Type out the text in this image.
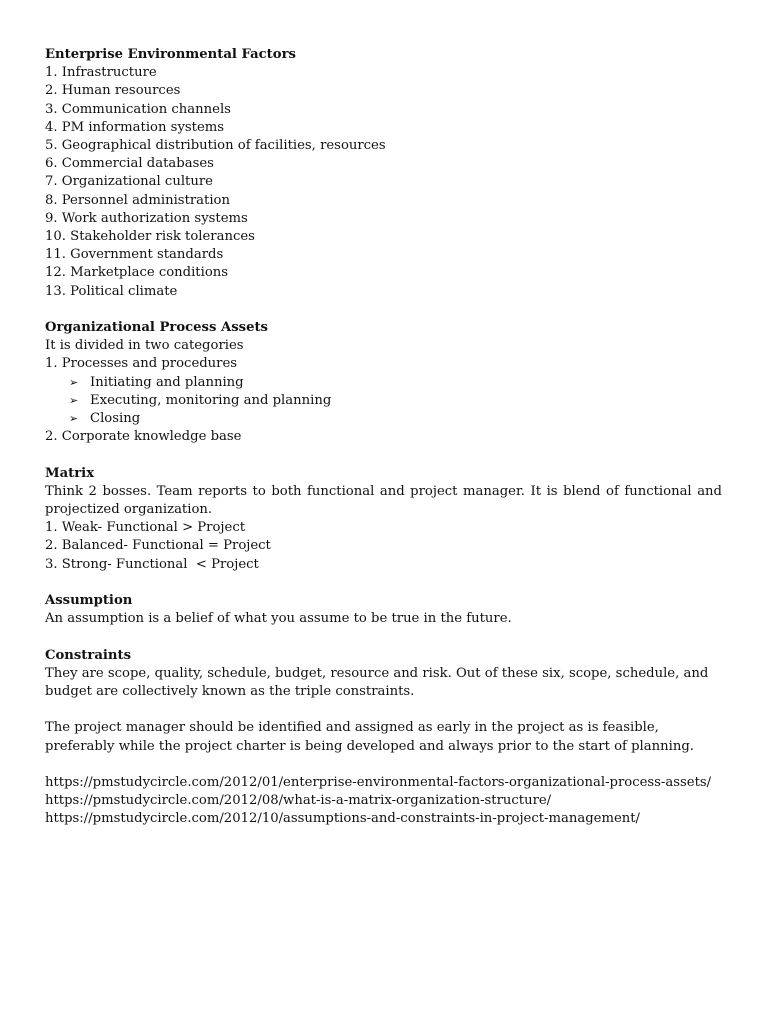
Enterprise Environmental Factors
1. Infrastructure
2. Human resources
3. Communication channels
4. PM information systems
5. Geographical distribution of facilities, resources
6. Commercial databases
7. Organizational culture
8. Personnel administration
9. Work authorization systems
10. Stakeholder risk tolerances
11. Government standards
12. Marketplace conditions
13. Political climate
Organizational Process Assets
It is divided in two categories
1. Processes and procedures
➢ Initiating and planning
➢ Executing, monitoring and planning
➢ Closing
2. Corporate knowledge base
Matrix
Think 2 bosses. Team reports to both functional and project manager. It is blend of functional and projectized organization.
1. Weak- Functional > Project
2. Balanced- Functional = Project
3. Strong- Functional  < Project
Assumption
An assumption is a belief of what you assume to be true in the future.
Constraints
They are scope, quality, schedule, budget, resource and risk. Out of these six, scope, schedule, and budget are collectively known as the triple constraints.
The project manager should be identified and assigned as early in the project as is feasible, preferably while the project charter is being developed and always prior to the start of planning.
https://pmstudycircle.com/2012/01/enterprise-environmental-factors-organizational-process-assets/
https://pmstudycircle.com/2012/08/what-is-a-matrix-organization-structure/
https://pmstudycircle.com/2012/10/assumptions-and-constraints-in-project-management/
